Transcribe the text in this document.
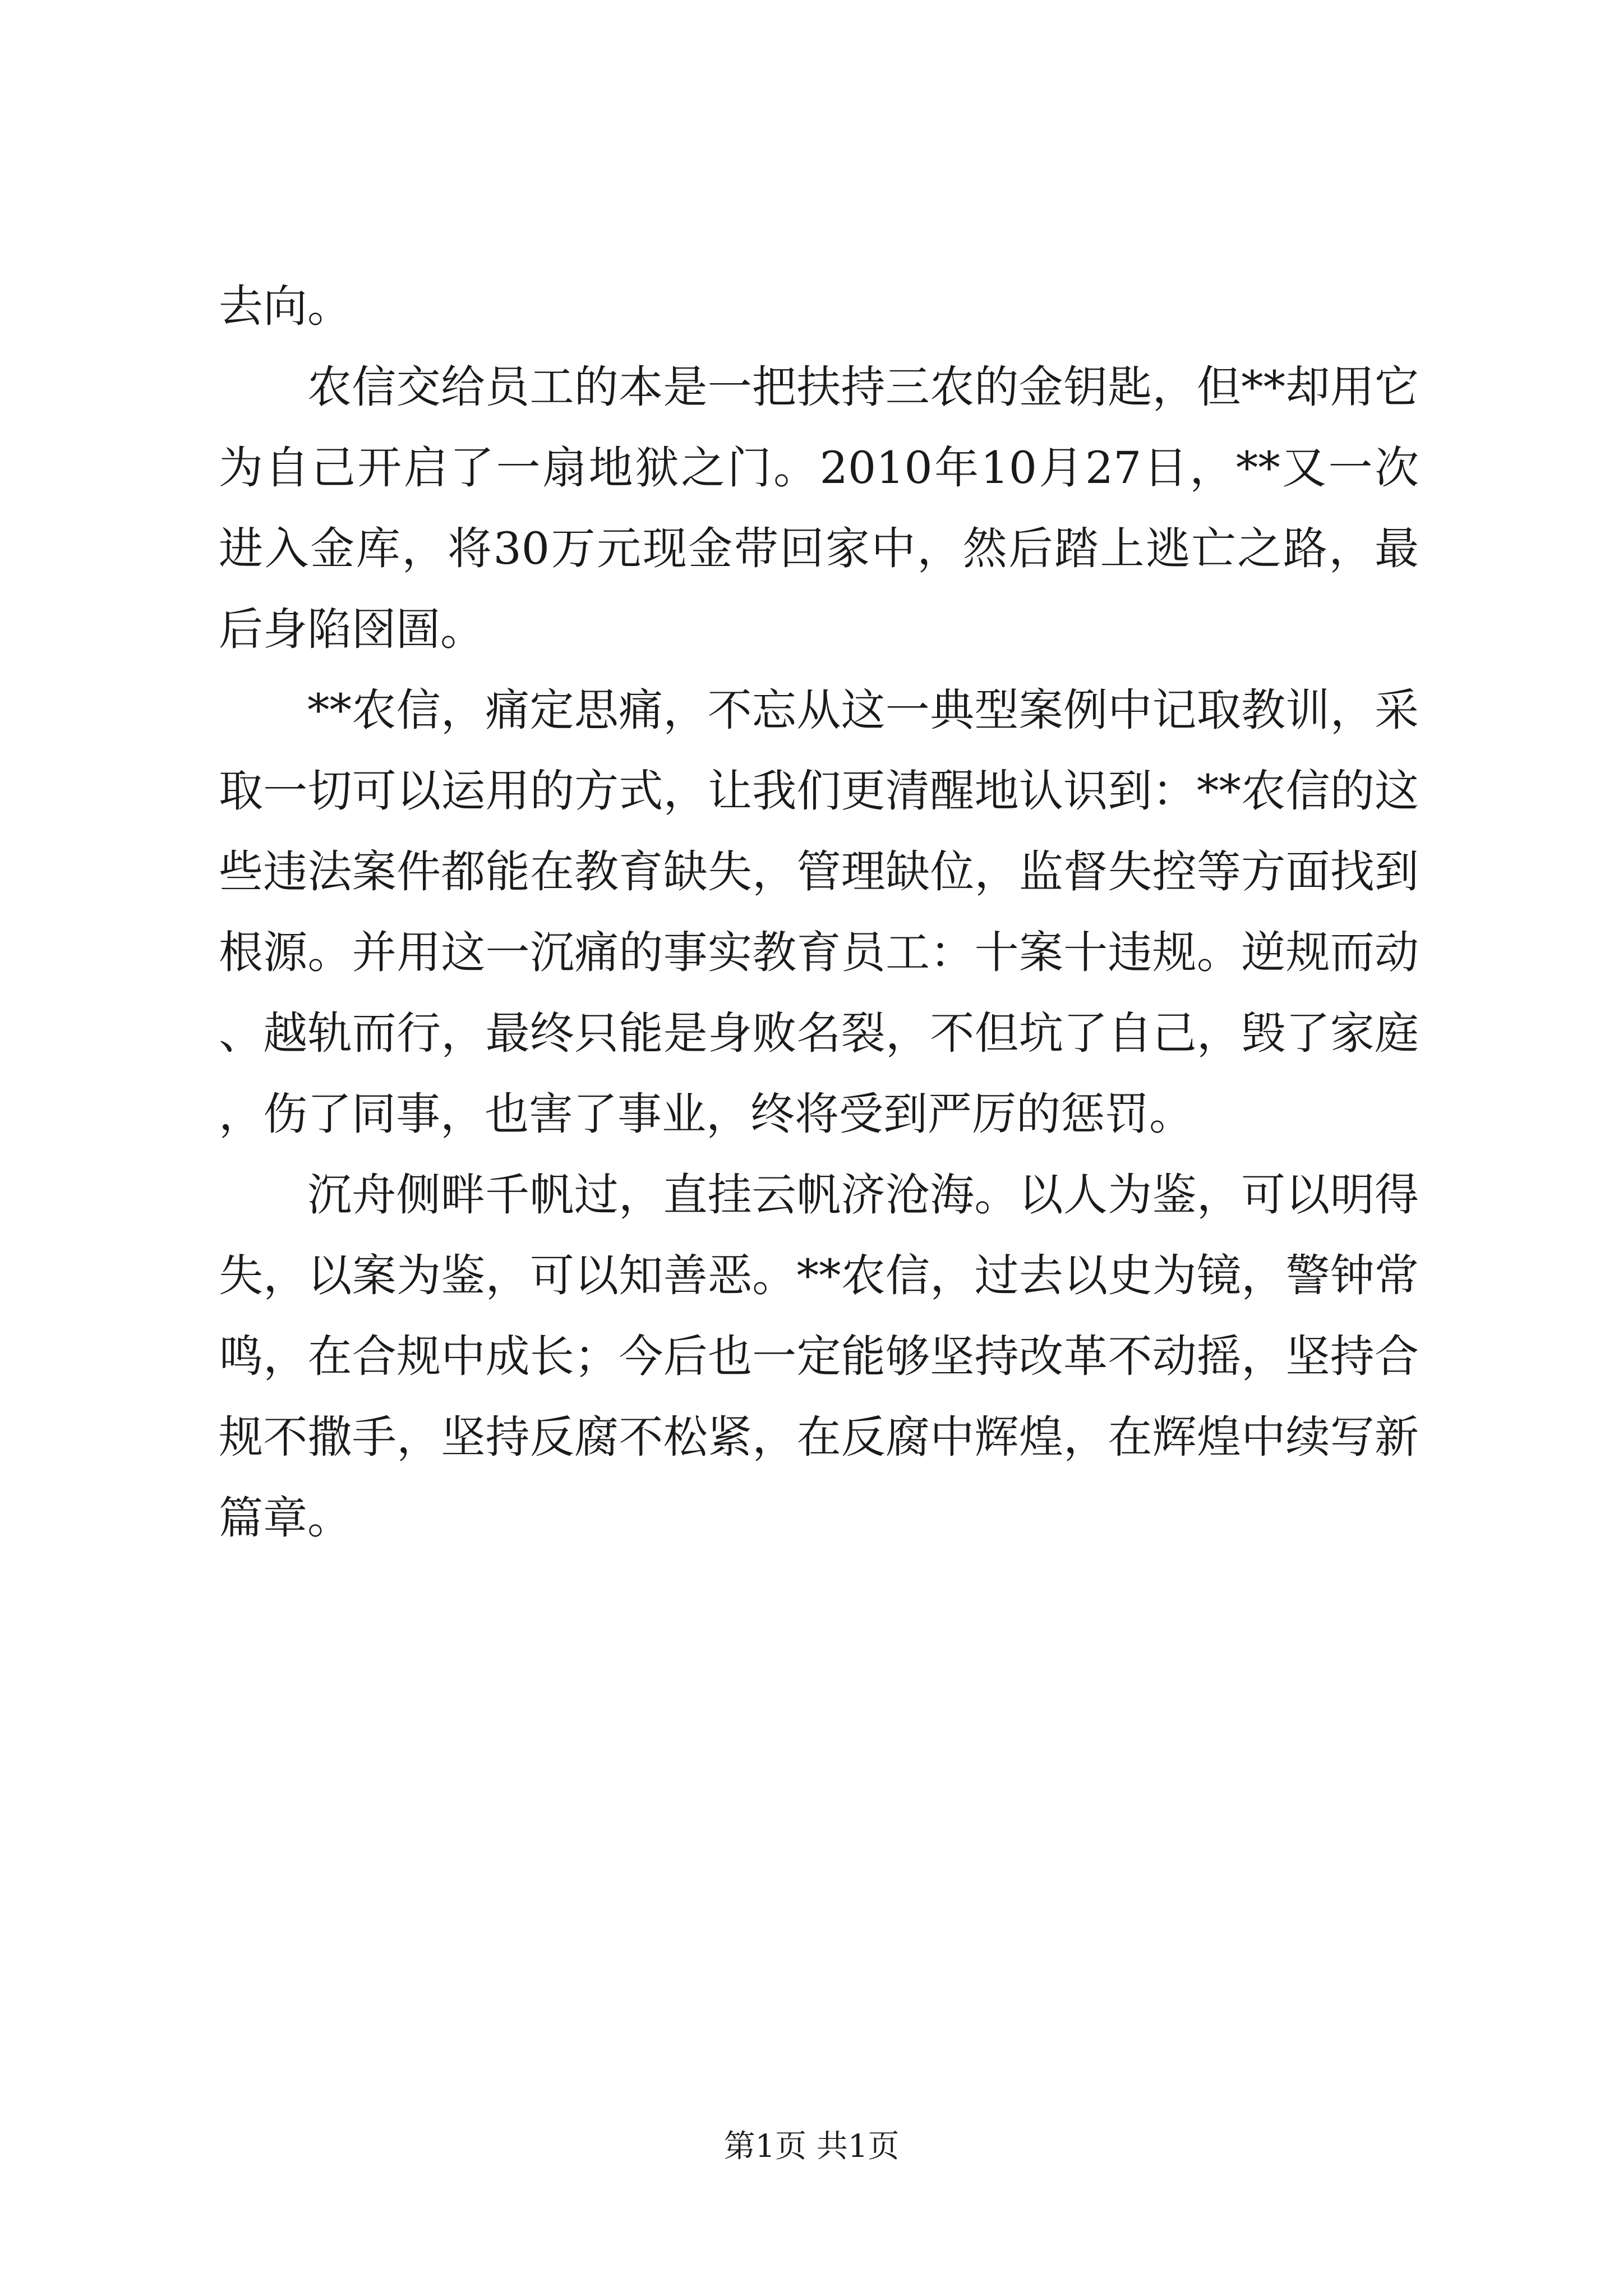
去向。

农信交给员工的本是一把扶持三农的金钥匙，但**却用它为自己开启了一扇地狱之门。2010年10月27日，**又一次进入金库，将30万元现金带回家中，然后踏上逃亡之路，最后身陷囹圄。

**农信，痛定思痛，不忘从这一典型案例中记取教训，采取一切可以运用的方式，让我们更清醒地认识到：**农信的这些违法案件都能在教育缺失，管理缺位，监督失控等方面找到根源。并用这一沉痛的事实教育员工：十案十违规。逆规而动、越轨而行，最终只能是身败名裂，不但坑了自己，毁了家庭，伤了同事，也害了事业，终将受到严厉的惩罚。

沉舟侧畔千帆过，直挂云帆济沧海。以人为鉴，可以明得失，以案为鉴，可以知善恶。**农信，过去以史为镜，警钟常鸣，在合规中成长；今后也一定能够坚持改革不动摇，坚持合规不撒手，坚持反腐不松紧，在反腐中辉煌，在辉煌中续写新篇章。

第1页 共1页
